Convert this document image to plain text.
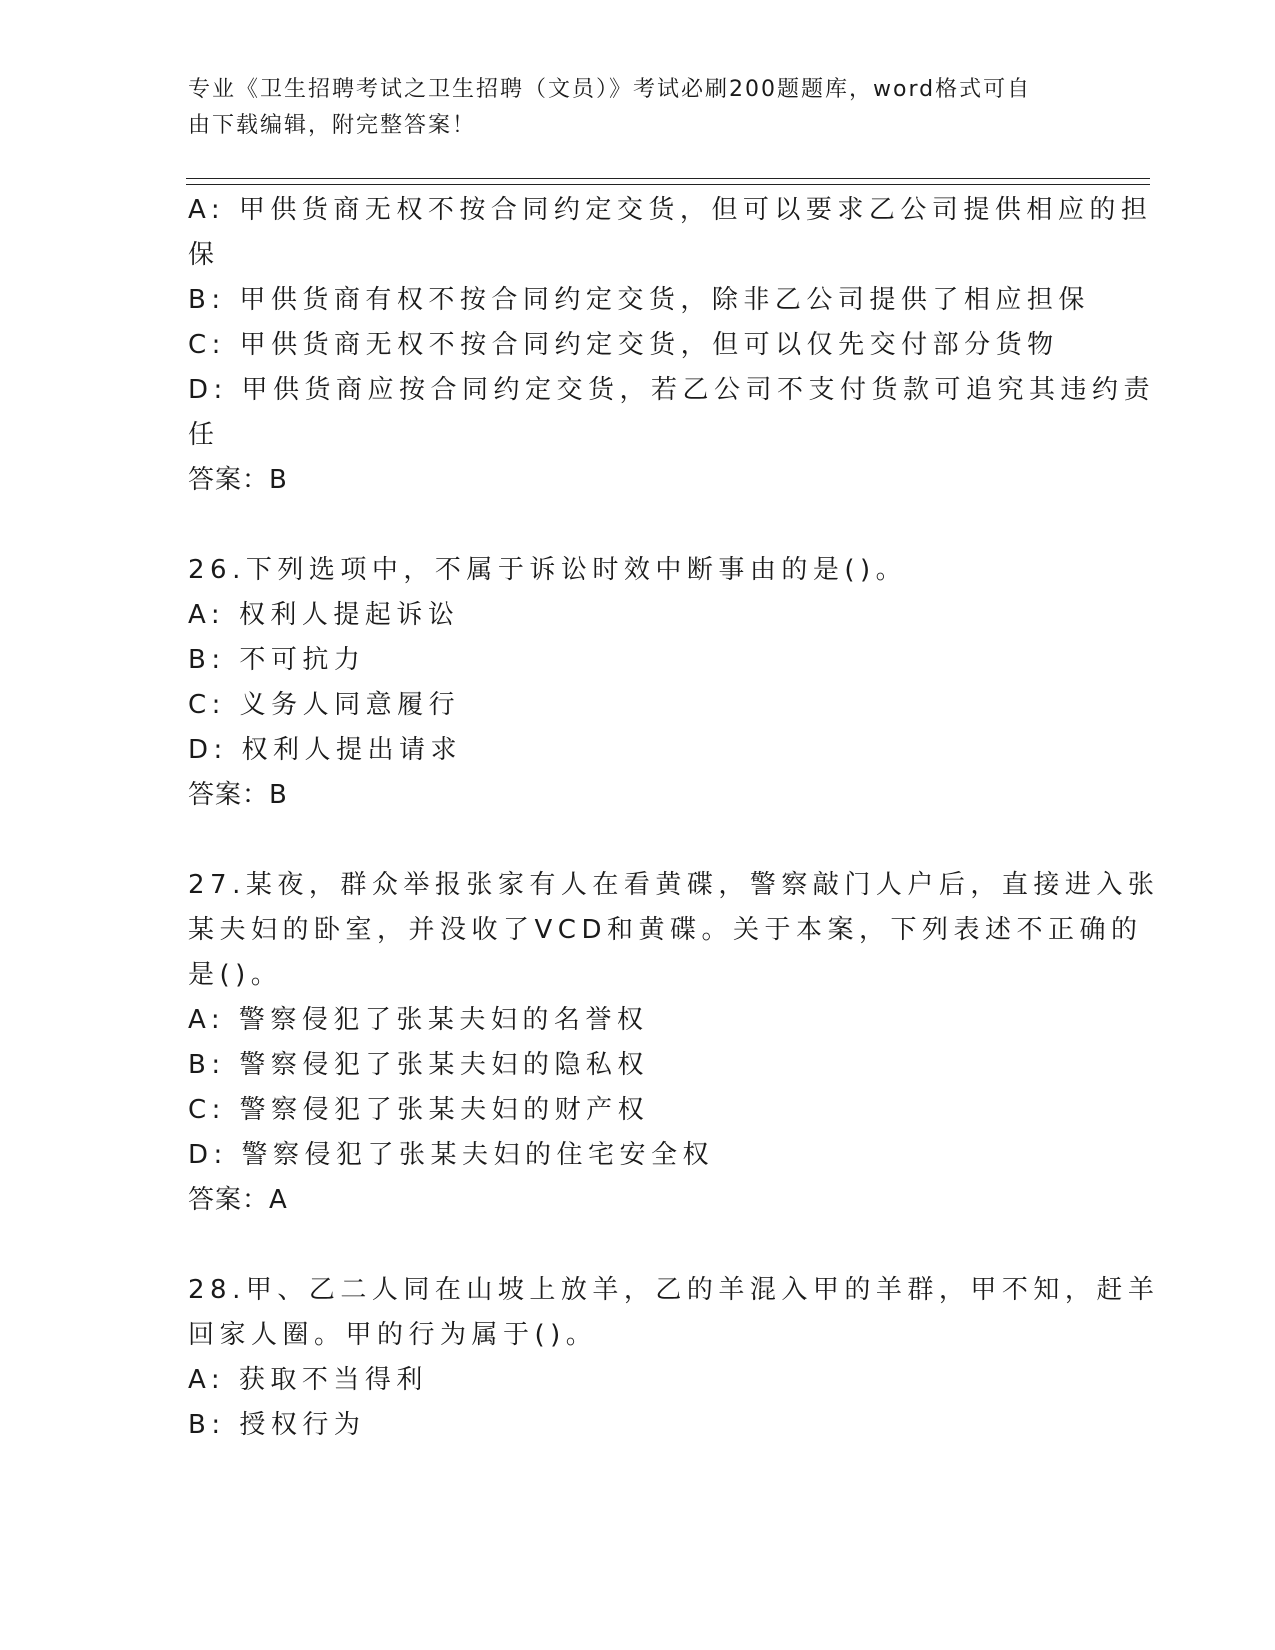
专业《卫生招聘考试之卫生招聘（文员）》考试必刷200题题库，word格式可自
由下载编辑，附完整答案！
A: 甲供货商无权不按合同约定交货，但可以要求乙公司提供相应的担
保
B: 甲供货商有权不按合同约定交货，除非乙公司提供了相应担保
C: 甲供货商无权不按合同约定交货，但可以仅先交付部分货物
D: 甲供货商应按合同约定交货，若乙公司不支付货款可追究其违约责
任
答案：B
26.下列选项中，不属于诉讼时效中断事由的是()。
A: 权利人提起诉讼
B: 不可抗力
C: 义务人同意履行
D: 权利人提出请求
答案：B
27.某夜，群众举报张家有人在看黄碟，警察敲门人户后，直接进入张
某夫妇的卧室，并没收了VCD和黄碟。关于本案，下列表述不正确的
是()。
A: 警察侵犯了张某夫妇的名誉权
B: 警察侵犯了张某夫妇的隐私权
C: 警察侵犯了张某夫妇的财产权
D: 警察侵犯了张某夫妇的住宅安全权
答案：A
28.甲、乙二人同在山坡上放羊，乙的羊混入甲的羊群，甲不知，赶羊
回家人圈。甲的行为属于()。
A: 获取不当得利
B: 授权行为
